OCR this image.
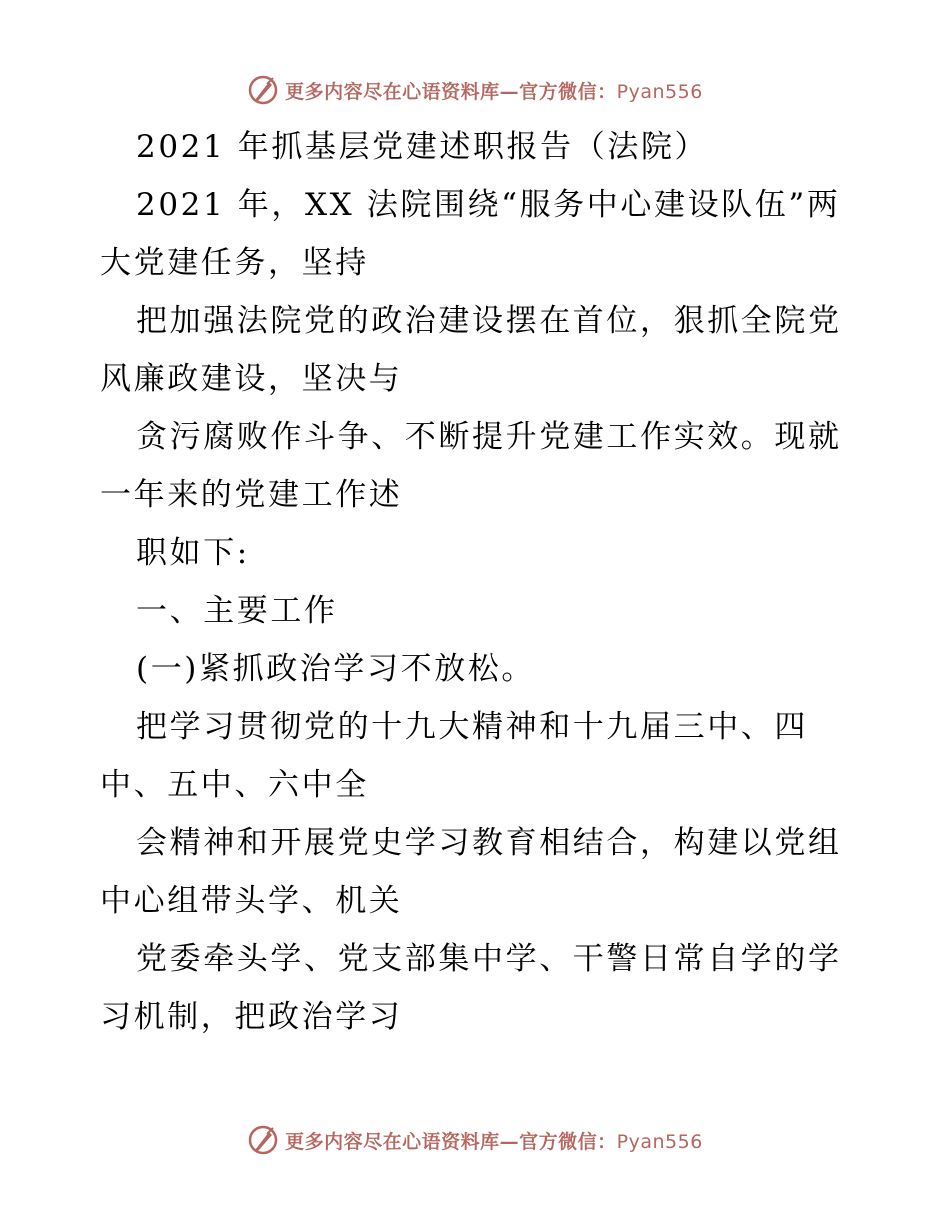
更多内容尽在心语资料库—官方微信：Pyan556
2021 年抓基层党建述职报告（法院）
2021 年，XX 法院围绕“服务中心建设队伍”两
大党建任务，坚持
把加强法院党的政治建设摆在首位，狠抓全院党
风廉政建设，坚决与
贪污腐败作斗争、不断提升党建工作实效。现就
一年来的党建工作述
职如下:
一、主要工作
(一)紧抓政治学习不放松。
把学习贯彻党的十九大精神和十九届三中、四
中、五中、六中全
会精神和开展党史学习教育相结合，构建以党组
中心组带头学、机关
党委牵头学、党支部集中学、干警日常自学的学
习机制，把政治学习
更多内容尽在心语资料库—官方微信：Pyan556
